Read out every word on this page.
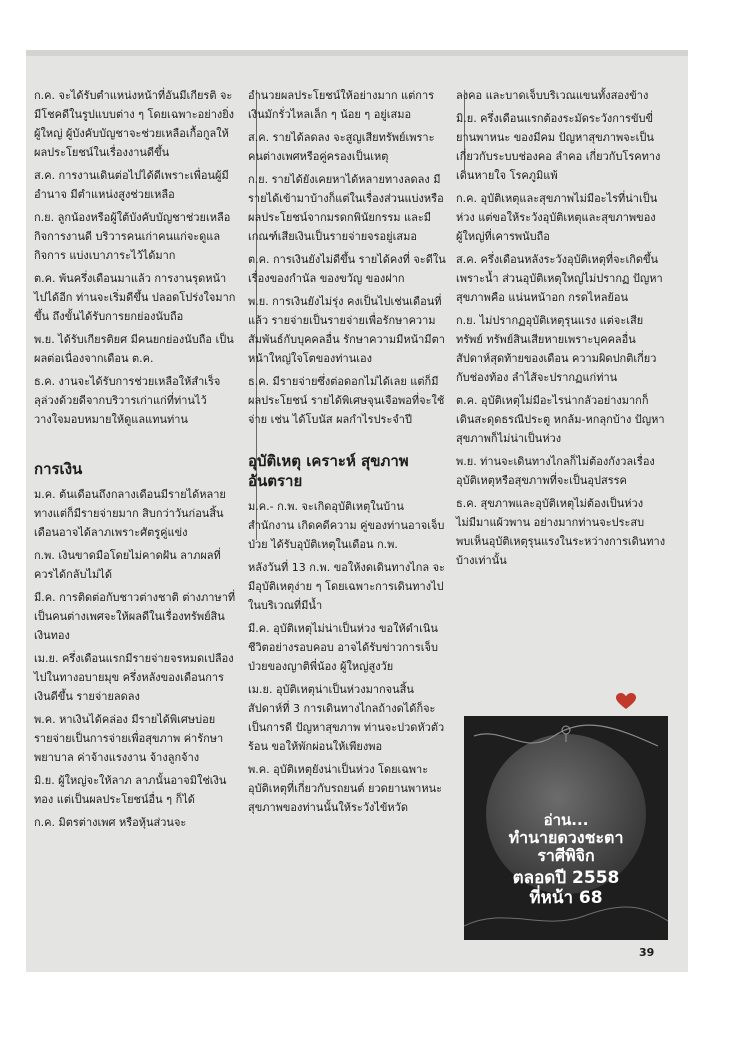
ก.ค. จะได้รับตำแหน่งหน้าที่อันมีเกียรติ จะมีโชคดีในรูปแบบต่าง ๆ โดยเฉพาะอย่างยิ่งผู้ใหญ่ ผู้บังคับบัญชาจะช่วยเหลือเกื้อกูลให้ผลประโยชน์ในเรื่องงานดีขึ้น

ส.ค. การงานเดินต่อไปได้ดีเพราะเพื่อนผู้มีอำนาจ มีตำแหน่งสูงช่วยเหลือ

ก.ย. ลูกน้องหรือผู้ใต้บังคับบัญชาช่วยเหลือกิจการงานดี บริวารคนเก่าคนแก่จะดูแลกิจการ แบ่งเบาภาระไว้ได้มาก

ต.ค. พ้นครึ่งเดือนมาแล้ว การงานรุดหน้าไปได้อีก ท่านจะเริ่มดีขึ้น ปลอดโปร่งใจมากขึ้น ถึงขั้นได้รับการยกย่องนับถือ

พ.ย. ได้รับเกียรติยศ มีคนยกย่องนับถือ เป็นผลต่อเนื่องจากเดือน ต.ค.

ธ.ค. งานจะได้รับการช่วยเหลือให้สำเร็จลุล่วงด้วยดีจากบริวารเก่าแก่ที่ท่านไว้วางใจมอบหมายให้ดูแลแทนท่าน

การเงิน

ม.ค. ต้นเดือนถึงกลางเดือนมีรายได้หลายทางแต่ก็มีรายจ่ายมาก สิบกว่าวันก่อนสิ้นเดือนอาจได้ลาภเพราะศัตรูคู่แข่ง

ก.พ. เงินขาดมือโดยไม่คาดฝัน ลาภผลที่ควรได้กลับไม่ได้

มี.ค. การติดต่อกับชาวต่างชาติ ต่างภาษาที่เป็นคนต่างเพศจะให้ผลดีในเรื่องทรัพย์สินเงินทอง

เม.ย. ครึ่งเดือนแรกมีรายจ่ายจรหมดเปลืองไปในทางอบายมุข ครึ่งหลังของเดือนการเงินดีขึ้น รายจ่ายลดลง

พ.ค. หาเงินได้คล่อง มีรายได้พิเศษบ่อย รายจ่ายเป็นการจ่ายเพื่อสุขภาพ ค่ารักษาพยาบาล ค่าจ้างแรงงาน จ้างลูกจ้าง

มิ.ย. ผู้ใหญ่จะให้ลาภ ลาภนั้นอาจมิใช่เงินทอง แต่เป็นผลประโยชน์อื่น ๆ ก็ได้

ก.ค. มิตรต่างเพศ หรือหุ้นส่วนจะ

อำนวยผลประโยชน์ให้อย่างมาก แต่การเงินมักรั่วไหลเล็ก ๆ น้อย ๆ อยู่เสมอ

ส.ค. รายได้ลดลง จะสูญเสียทรัพย์เพราะคนต่างเพศหรือคู่ครองเป็นเหตุ

ก.ย. รายได้ยังเคยหาได้หลายทางลดลง มีรายได้เข้ามาบ้างก็แต่ในเรื่องส่วนแบ่งหรือผลประโยชน์จากมรดกพินัยกรรม และมีเกณฑ์เสียเงินเป็นรายจ่ายจรอยู่เสมอ

ต.ค. การเงินยังไม่ดีขึ้น รายได้คงที่ จะดีในเรื่องของกำนัล ของขวัญ ของฝาก

พ.ย. การเงินยังไม่รุ่ง คงเป็นไปเช่นเดือนที่แล้ว รายจ่ายเป็นรายจ่ายเพื่อรักษาความสัมพันธ์กับบุคคลอื่น รักษาความมีหน้ามีตา หน้าใหญ่ใจโตของท่านเอง

ธ.ค. มีรายจ่ายซึ่งต่อดอกไม่ได้เลย แต่ก็มีผลประโยชน์ รายได้พิเศษจุนเจือพอที่จะใช้จ่าย เช่น ได้โบนัส ผลกำไรประจำปี

อุบัติเหตุ เคราะห์ สุขภาพ อันตราย

ม.ค.- ก.พ. จะเกิดอุบัติเหตุในบ้าน สำนักงาน เกิดคดีความ คู่ของท่านอาจเจ็บป่วย ได้รับอุบัติเหตุในเดือน ก.พ.

หลังวันที่ 13 ก.พ. ขอให้งดเดินทางไกล จะมีอุบัติเหตุง่าย ๆ โดยเฉพาะการเดินทางไปในบริเวณที่มีน้ำ

มี.ค. อุบัติเหตุไม่น่าเป็นห่วง ขอให้ดำเนินชีวิตอย่างรอบคอบ อาจได้รับข่าวการเจ็บป่วยของญาติพี่น้อง ผู้ใหญ่สูงวัย

เม.ย. อุบัติเหตุน่าเป็นห่วงมากจนสิ้นสัปดาห์ที่ 3 การเดินทางไกลถ้างดได้ก็จะเป็นการดี ปัญหาสุขภาพ ท่านจะปวดหัวตัวร้อน ขอให้พักผ่อนให้เพียงพอ

พ.ค. อุบัติเหตุยังน่าเป็นห่วง โดยเฉพาะอุบัติเหตุที่เกี่ยวกับรถยนต์ ยวดยานพาหนะ สุขภาพของท่านนั้นให้ระวังไข้หวัด

ลงคอ และบาดเจ็บบริเวณแขนทั้งสองข้าง

มิ.ย. ครึ่งเดือนแรกต้องระมัดระวังการขับขี่ยานพาหนะ ของมีคม ปัญหาสุขภาพจะเป็นเกี่ยวกับระบบช่องคอ ลำคอ เกี่ยวกับโรคทางเดินหายใจ โรคภูมิแพ้

ก.ค. อุบัติเหตุและสุขภาพไม่มีอะไรที่น่าเป็นห่วง แต่ขอให้ระวังอุบัติเหตุและสุขภาพของผู้ใหญ่ที่เคารพนับถือ

ส.ค. ครึ่งเดือนหลังระวังอุบัติเหตุที่จะเกิดขึ้นเพราะน้ำ ส่วนอุบัติเหตุใหญ่ไม่ปรากฏ ปัญหาสุขภาพคือ แน่นหน้าอก กรดไหลย้อน

ก.ย. ไม่ปรากฏอุบัติเหตุรุนแรง แต่จะเสียทรัพย์ ทรัพย์สินเสียหายเพราะบุคคลอื่น สัปดาห์สุดท้ายของเดือน ความผิดปกติเกี่ยวกับช่องท้อง ลำไส้จะปรากฏแก่ท่าน

ต.ค. อุบัติเหตุไม่มีอะไรน่ากลัวอย่างมากก็เดินสะดุดธรณีประตู หกล้ม-หกลุกบ้าง ปัญหาสุขภาพก็ไม่น่าเป็นห่วง

พ.ย. ท่านจะเดินทางไกลก็ไม่ต้องกังวลเรื่องอุบัติเหตุหรือสุขภาพที่จะเป็นอุปสรรค

ธ.ค. สุขภาพและอุบัติเหตุไม่ต้องเป็นห่วง ไม่มีมาแผ้วพาน อย่างมากท่านจะประสบพบเห็นอุบัติเหตุรุนแรงในระหว่างการเดินทางบ้างเท่านั้น

อ่าน...
ทำนายดวงชะตา
ราศีพิจิก
ตลอดปี 2558
ที่หน้า 68
39
